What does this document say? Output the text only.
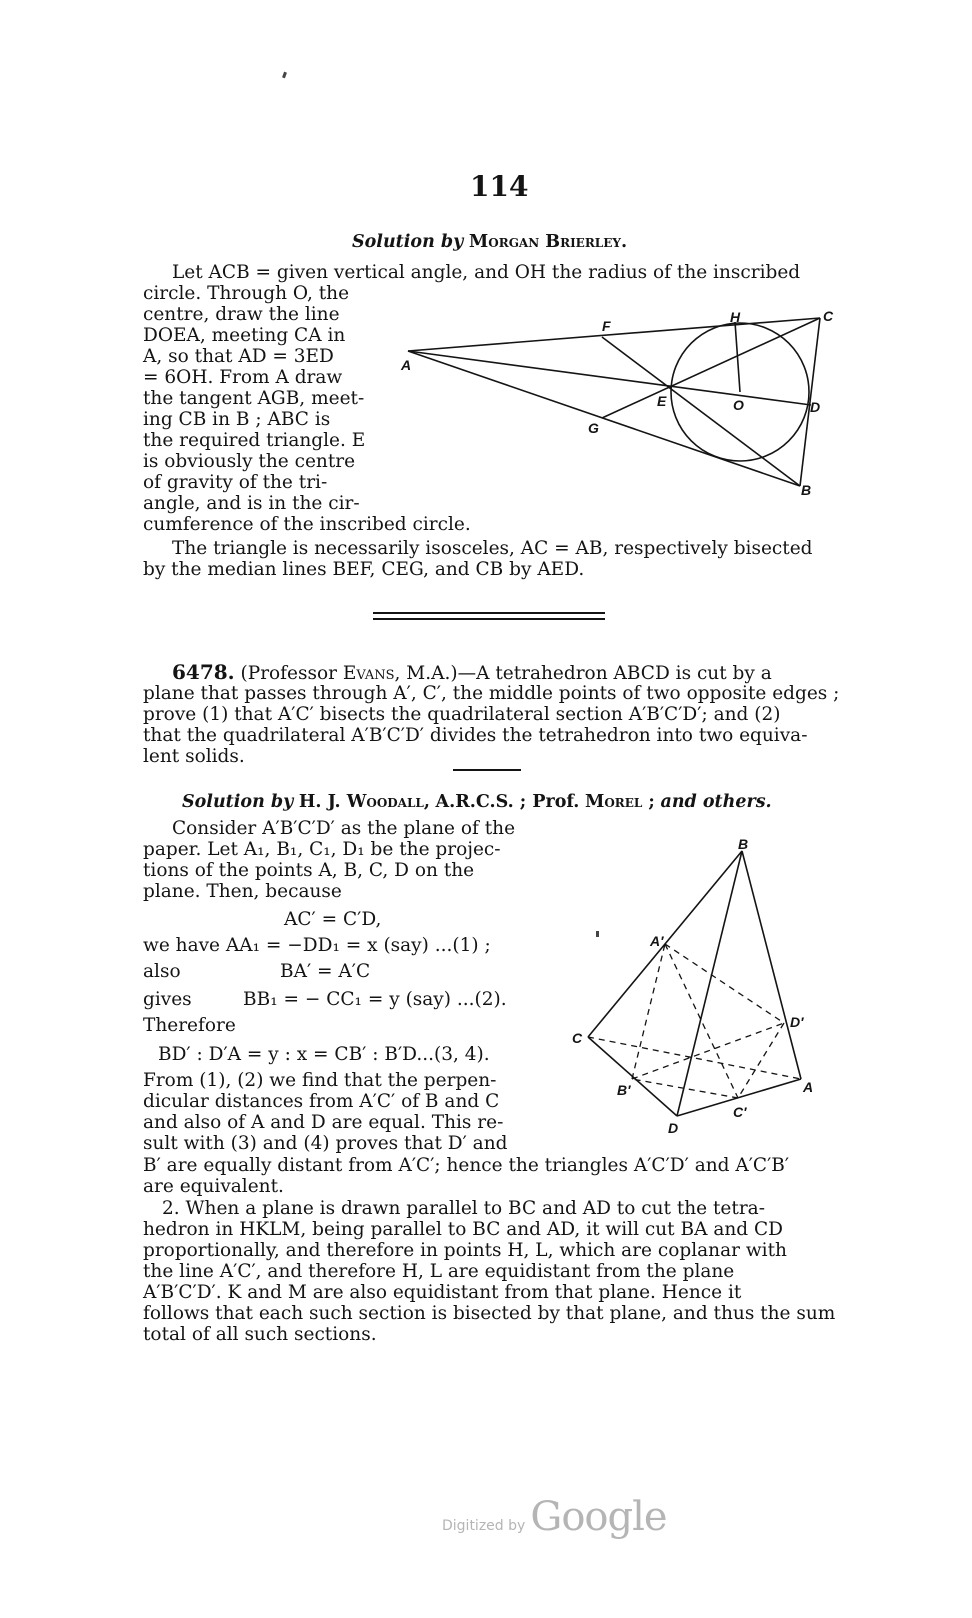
114
Solution by Morgan Brierley.
Let ACB = given vertical angle, and OH the radius of the inscribed
circle. Through O, the
centre, draw the line
DOEA, meeting CA in
A, so that AD = 3ED
= 6OH. From A draw
the tangent AGB, meet-
ing CB in B ; ABC is
the required triangle. E
is obviously the centre
of gravity of the tri-
angle, and is in the cir-
cumference of the inscribed circle.
The triangle is necessarily isosceles, AC = AB, respectively bisected
by the median lines BEF, CEG, and CB by AED.
A
B
C
D
E
F
G
H
O
6478. (Professor Evans, M.A.)—A tetrahedron ABCD is cut by a
plane that passes through A′, C′, the middle points of two opposite edges ;
prove (1) that A′C′ bisects the quadrilateral section A′B′C′D′; and (2)
that the quadrilateral A′B′C′D′ divides the tetrahedron into two equiva-
lent solids.
Solution by H. J. Woodall, A.R.C.S. ; Prof. Morel ; and others.
Consider A′B′C′D′ as the plane of the
paper. Let A₁, B₁, C₁, D₁ be the projec-
tions of the points A, B, C, D on the
plane. Then, because
AC′ = C′D,
we have AA₁ = −DD₁ = x (say) ...(1) ;
also	BA′ = A′C
gives	BB₁ = − CC₁ = y (say) ...(2).
Therefore
BD′ : D′A = y : x = CB′ : B′D...(3, 4).
From (1), (2) we find that the perpen-
dicular distances from A′C′ of B and C
and also of A and D are equal. This re-
sult with (3) and (4) proves that D′ and
B′ are equally distant from A′C′; hence the triangles A′C′D′ and A′C′B′
are equivalent.
2. When a plane is drawn parallel to BC and AD to cut the tetra-
hedron in HKLM, being parallel to BC and AD, it will cut BA and CD
proportionally, and therefore in points H, L, which are coplanar with
the line A′C′, and therefore H, L are equidistant from the plane
A′B′C′D′. K and M are also equidistant from that plane. Hence it
follows that each such section is bisected by that plane, and thus the sum
total of all such sections.
B
A′
C
D′
A
B′
C′
D
Digitized by Google
